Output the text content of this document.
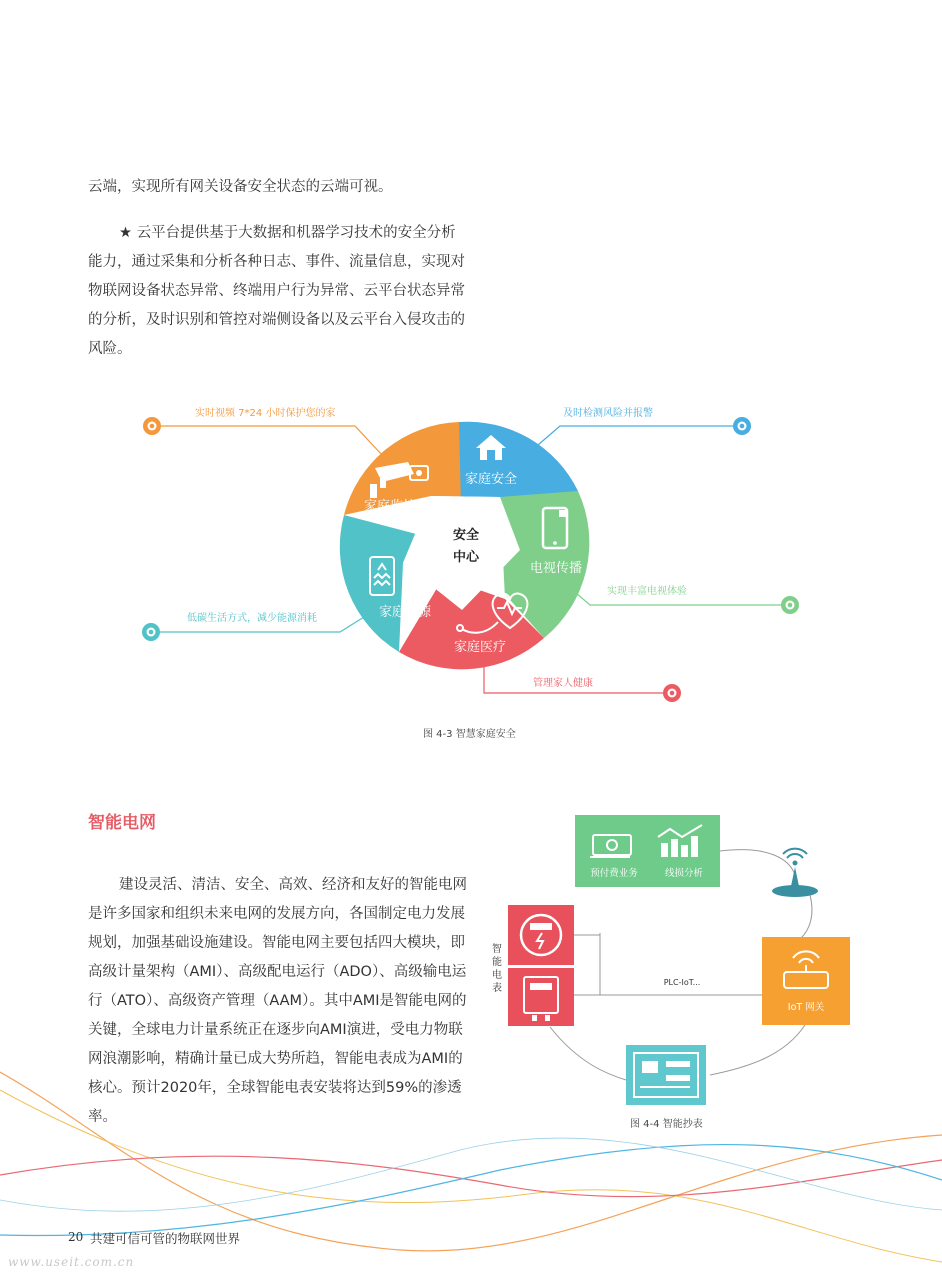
云端，实现所有网关设备安全状态的云端可视。

★ 云平台提供基于大数据和机器学习技术的安全分析能力，通过采集和分析各种日志、事件、流量信息，实现对物联网设备状态异常、终端用户行为异常、云平台状态异常的分析，及时识别和管控对端侧设备以及云平台入侵攻击的风险。

实时视频 7*24 小时保护您的家	及时检测风险并报警
实现丰富电视体验
低碳生活方式，减少能源消耗
管理家人健康
安全
中心
家庭安全
电视传播
家庭医疗
家庭能源
家庭监控
图 4-3 智慧家庭安全
智能电网

建设灵活、清洁、安全、高效、经济和友好的智能电网是许多国家和组织未来电网的发展方向，各国制定电力发展规划，加强基础设施建设。智能电网主要包括四大模块，即高级计量架构（AMI）、高级配电运行（ADO）、高级输电运行（ATO）、高级资产管理（AAM）。其中AMI是智能电网的关键，全球电力计量系统正在逐步向AMI演进，受电力物联网浪潮影响，精确计量已成大势所趋，智能电表成为AMI的核心。预计2020年，全球智能电表安装将达到59%的渗透率。

预付费业务	线损分析
智 能 电 表
PLC-IoT...
IoT 网关
图 4-4 智能抄表
20 共建可信可管的物联网世界
www.useit.com.cn
